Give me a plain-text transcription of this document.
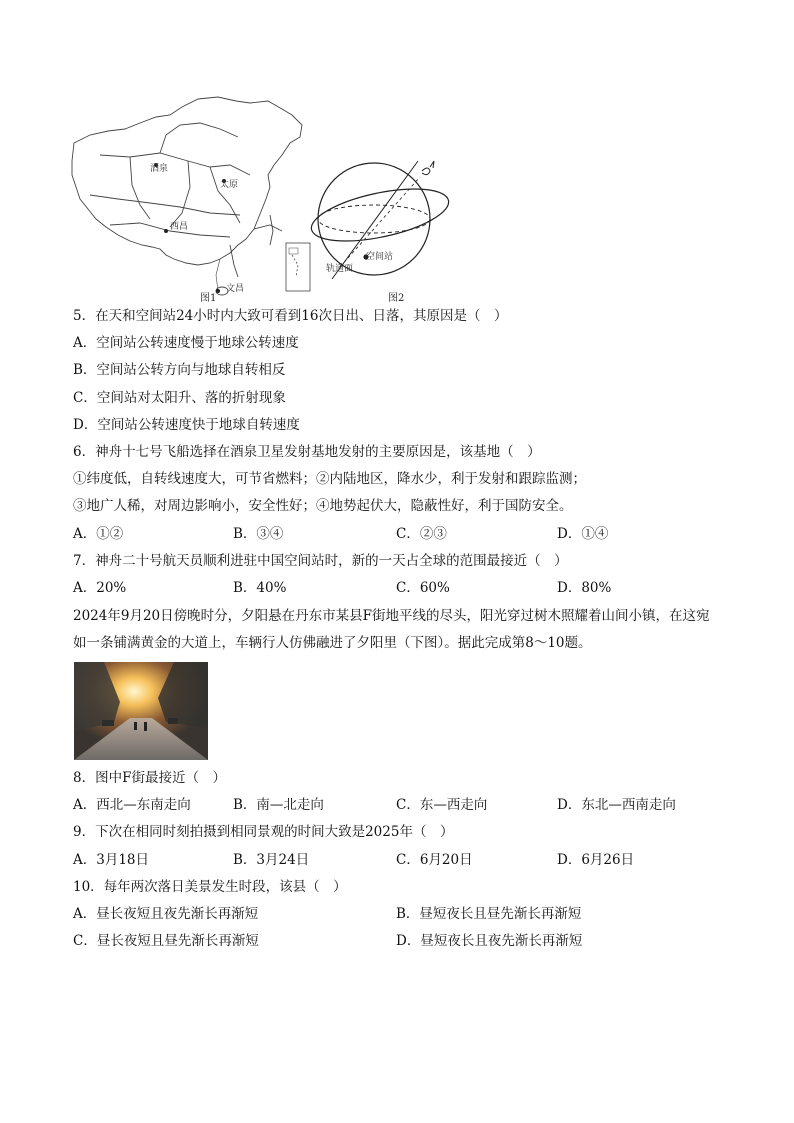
酒泉
太原
西昌
文昌
轨道面
空间站
图1	图2
5．在天和空间站24小时内大致可看到16次日出、日落，其原因是（　）
A．空间站公转速度慢于地球公转速度
B．空间站公转方向与地球自转相反
C．空间站对太阳升、落的折射现象
D．空间站公转速度快于地球自转速度
6．神舟十七号飞船选择在酒泉卫星发射基地发射的主要原因是，该基地（　）
①纬度低，自转线速度大，可节省燃料；②内陆地区，降水少，利于发射和跟踪监测；
③地广人稀，对周边影响小，安全性好；④地势起伏大，隐蔽性好，利于国防安全。
A．①②	B．③④	C．②③	D．①④
7．神舟二十号航天员顺利进驻中国空间站时，新的一天占全球的范围最接近（　）
A．20%	B．40%	C．60%	D．80%
2024年9月20日傍晚时分，夕阳悬在丹东市某县F街地平线的尽头，阳光穿过树木照耀着山间小镇，在这宛
如一条铺满黄金的大道上，车辆行人仿佛融进了夕阳里（下图）。据此完成第8～10题。
8．图中F街最接近（　）
A．西北—东南走向	B．南—北走向	C．东—西走向	D．东北—西南走向
9．下次在相同时刻拍摄到相同景观的时间大致是2025年（　）
A．3月18日	B．3月24日	C．6月20日	D．6月26日
10．每年两次落日美景发生时段，该县（　）
A．昼长夜短且夜先渐长再渐短	B．昼短夜长且昼先渐长再渐短
C．昼长夜短且昼先渐长再渐短	D．昼短夜长且夜先渐长再渐短
